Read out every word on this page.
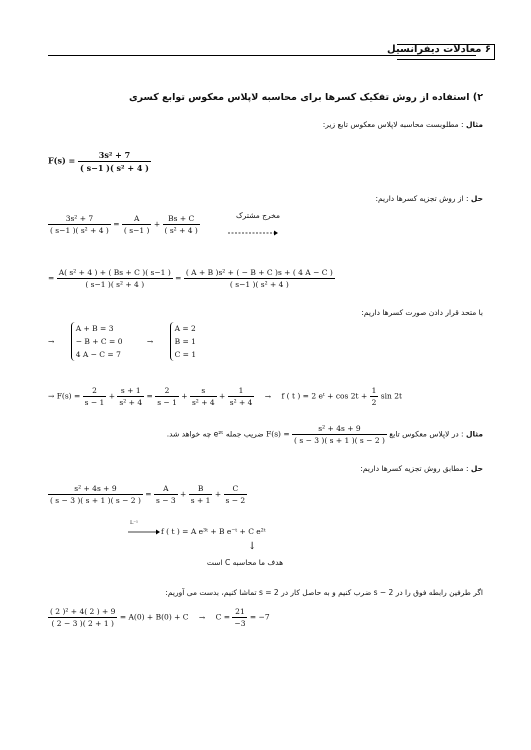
۶ معادلات دیفرانسیل
۲) استفاده از روش تفکیک کسرها برای محاسبه لاپلاس معکوس توابع کسری
مثال : مطلوبست محاسبه لاپلاس معکوس تابع زیر:
$F(s) = \frac{\text{3s² + 7}}{\text{( s−1 )( s² + 4 )}}$
حل : از روش تجزیه کسرها داریم:
$\frac{\text{3s² + 7}}{\text{( s−1 )( s² + 4 )}} = \frac{A}{( s-1 )} + \frac{Bs + C}{\text{( s² + 4 )}}$	مخرج مشترک
= $\frac{\text{A( s² + 4 ) + ( Bs + C )( s−1 )}}{\text{( s−1 )( s² + 4 )}} = \frac{\text{( A + B )s² + ( − B + C )s + ( 4 A − C )}}{\text{( s−1 )( s² + 4 )}}$
با متحد قرار دادن صورت کسرها داریم:
→
A + B = 3
− B + C = 0
4 A − C = 7
→
A = 2
B = 1
C = 1
→ $F(s) = \frac{2}{s - 1} + \frac{s + 1}{\text{s² + 4}} = \frac{2}{s - 1} + \frac{s}{\text{s² + 4}} + \frac{1}{\text{s² + 4}} \to f$ ( t ) = 2 eᵗ + $\cos 2t + \frac{1}{2}$ sin 2t
مثال : در لاپلاس معکوس تابع $F(s) = \frac{\text{s² + 4s + 9}}{( s - 3 )( s + 1 )( s - 2 )}$
ضریب جمله e²ᵗ چه خواهد شد.
حل : مطابق روش تجزیه کسرها داریم:
$\frac{\text{s² + 4s + 9}}{( s - 3 )( s + 1 )( s - 2 )} = \frac{A}{s - 3} + \frac{B}{s + 1} + \frac{C}{s - 2}$
L⁻¹
f ( t ) = A e³ᵗ + B e⁻ᵗ + C e²ᵗ
↓
هدف ما محاسبه C است
اگر طرفین رابطه فوق را در s − 2 ضرب کنیم و به حاصل کار در s = 2 تماشا کنیم، بدست می آوریم:
$\frac{\text{( 2 )² + 4( 2 ) + 9}}{( 2 - 3 )( 2 + 1 )} = A(0) + B(0) + C \to C = \frac{21}{-3} = -7$
